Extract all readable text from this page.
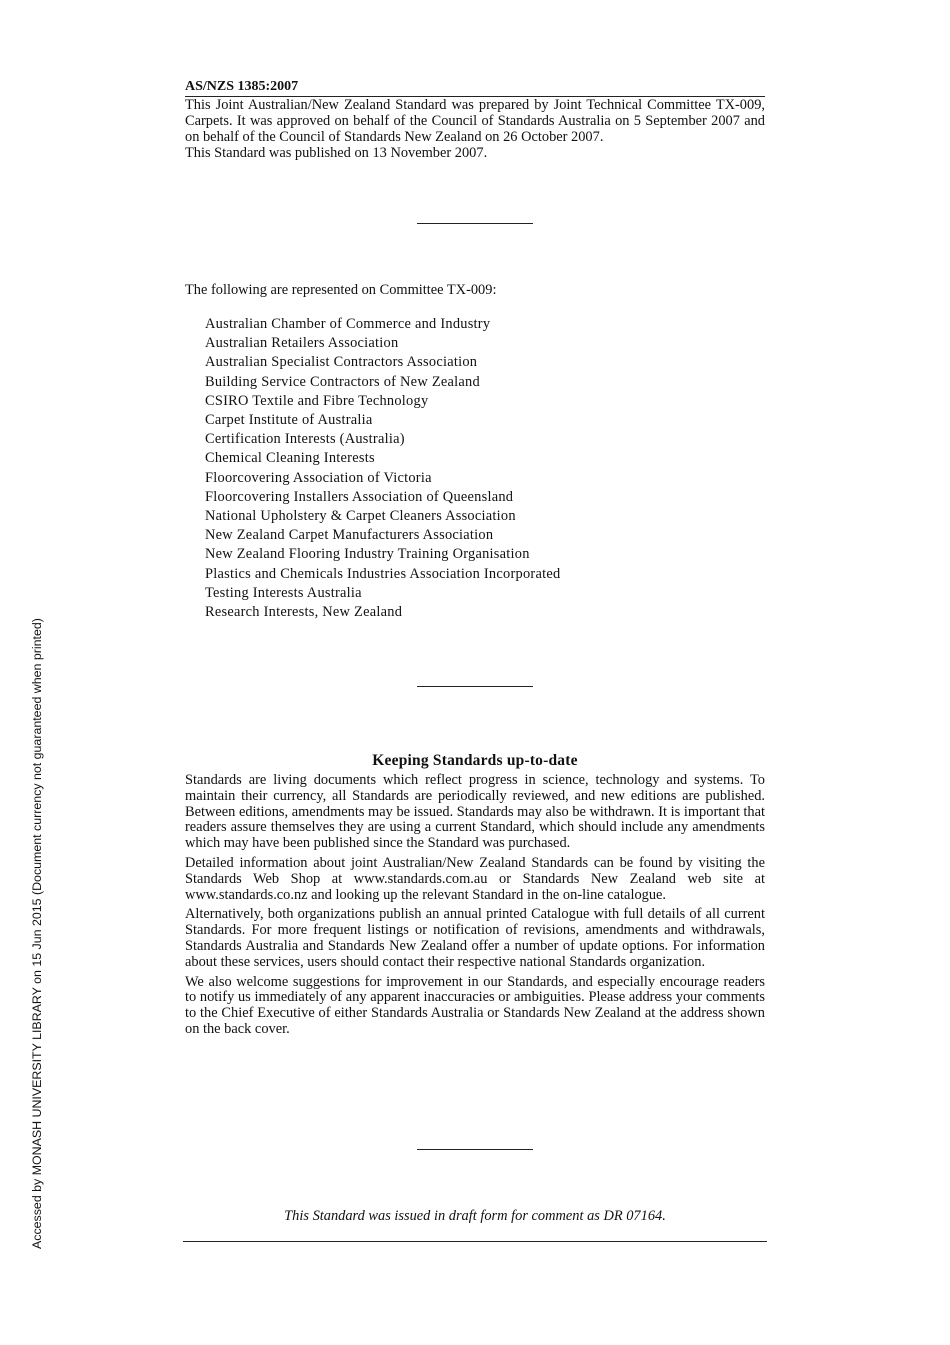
Accessed by MONASH UNIVERSITY LIBRARY on 15 Jun 2015 (Document currency not guaranteed when printed)
AS/NZS 1385:2007

This Joint Australian/New Zealand Standard was prepared by Joint Technical Committee TX-009, Carpets. It was approved on behalf of the Council of Standards Australia on 5 September 2007 and on behalf of the Council of Standards New Zealand on 26 October 2007.

This Standard was published on 13 November 2007.

The following are represented on Committee TX-009:

Australian Chamber of Commerce and Industry
Australian Retailers Association
Australian Specialist Contractors Association
Building Service Contractors of New Zealand
CSIRO Textile and Fibre Technology
Carpet Institute of Australia
Certification Interests (Australia)
Chemical Cleaning Interests
Floorcovering Association of Victoria
Floorcovering Installers Association of Queensland
National Upholstery & Carpet Cleaners Association
New Zealand Carpet Manufacturers Association
New Zealand Flooring Industry Training Organisation
Plastics and Chemicals Industries Association Incorporated
Testing Interests Australia
Research Interests, New Zealand
Keeping Standards up-to-date

Standards are living documents which reflect progress in science, technology and systems. To maintain their currency, all Standards are periodically reviewed, and new editions are published. Between editions, amendments may be issued. Standards may also be withdrawn. It is important that readers assure themselves they are using a current Standard, which should include any amendments which may have been published since the Standard was purchased.

Detailed information about joint Australian/New Zealand Standards can be found by visiting the Standards Web Shop at www.standards.com.au or Standards New Zealand web site at www.standards.co.nz and looking up the relevant Standard in the on-line catalogue.

Alternatively, both organizations publish an annual printed Catalogue with full details of all current Standards. For more frequent listings or notification of revisions, amendments and withdrawals, Standards Australia and Standards New Zealand offer a number of update options. For information about these services, users should contact their respective national Standards organization.

We also welcome suggestions for improvement in our Standards, and especially encourage readers to notify us immediately of any apparent inaccuracies or ambiguities. Please address your comments to the Chief Executive of either Standards Australia or Standards New Zealand at the address shown on the back cover.

This Standard was issued in draft form for comment as DR 07164.
